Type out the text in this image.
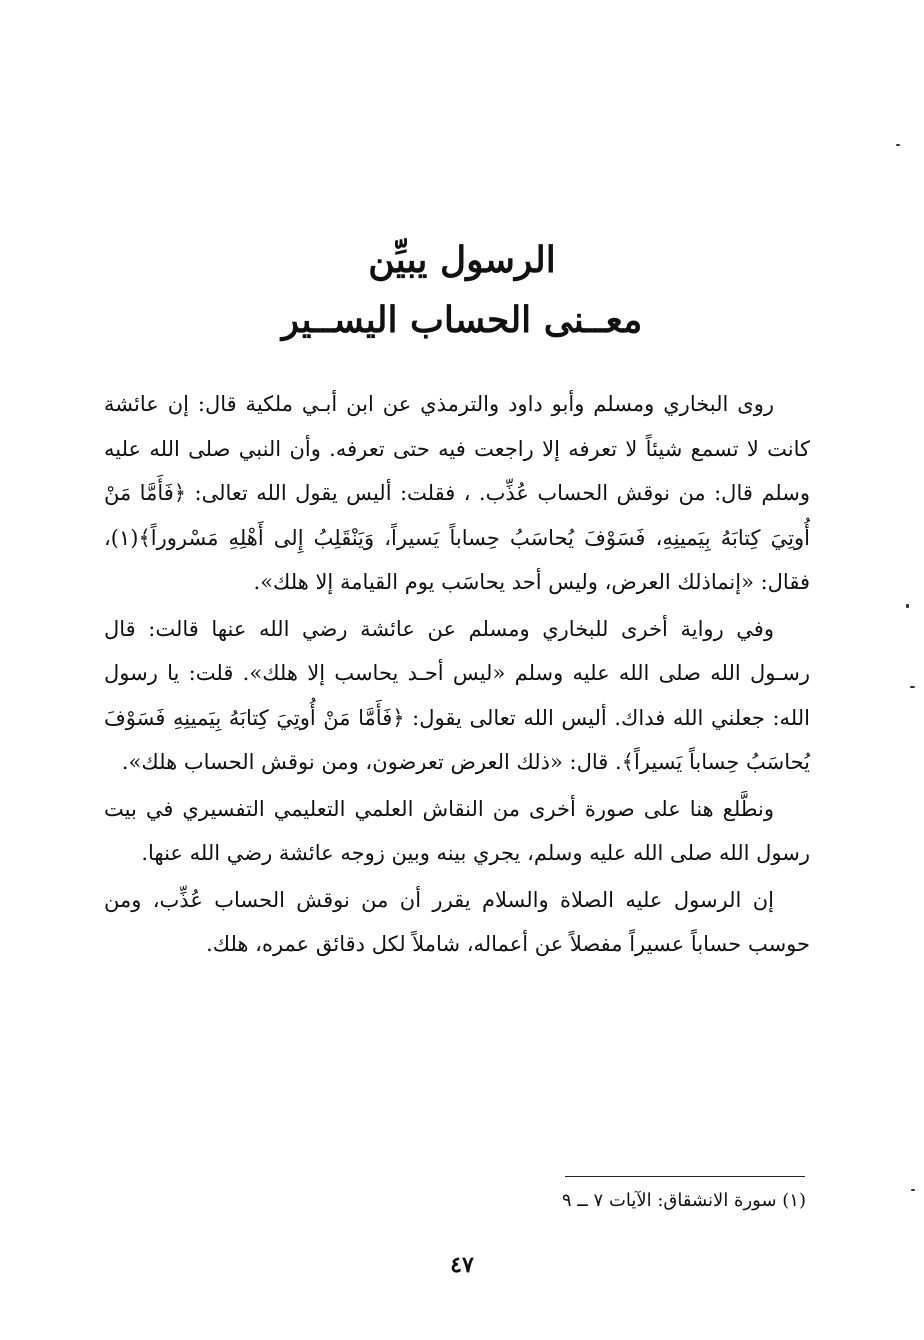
الرسول يبيِّن
معــنى الحساب اليســير

روى البخاري ومسلم وأبو داود والترمذي عن ابن أبـي ملكية قال: إن عائشة كانت لا تسمع شيئاً لا تعرفه إلا راجعت فيه حتى تعرفه. وأن النبي صلى الله عليه وسلم قال: من نوقش الحساب عُذِّب. ، فقلت: أليس يقول الله تعالى: ﴿فَأَمَّا مَنْ أُوتِيَ كِتابَهُ بِيَمينِهِ، فَسَوْفَ يُحاسَبُ حِساباً يَسيراً، وَيَنْقَلِبُ إِلى أَهْلِهِ مَسْروراً﴾(١)، فقال: «إنماذلك العرض، وليس أحد يحاسَب يوم القيامة إلا هلك».

وفي رواية أخرى للبخاري ومسلم عن عائشة رضي الله عنها قالت: قال رسـول الله صلى الله عليه وسلم «ليس أحـد يحاسب إلا هلك». قلت: يا رسول الله: جعلني الله فداك. أليس الله تعالى يقول: ﴿فَأَمَّا مَنْ أُوتِيَ كِتابَهُ بِيَمينِهِ فَسَوْفَ يُحاسَبُ حِساباً يَسيراً﴾. قال: «ذلك العرض تعرضون، ومن نوقش الحساب هلك».

ونطَّلع هنا على صورة أخرى من النقاش العلمي التعليمي التفسيري في بيت رسول الله صلى الله عليه وسلم، يجري بينه وبين زوجه عائشة رضي الله عنها.

إن الرسول عليه الصلاة والسلام يقرر أن من نوقش الحساب عُذِّب، ومن حوسب حساباً عسيراً مفصلاً عن أعماله، شاملاً لكل دقائق عمره، هلك.

(١) سورة الانشقاق: الآيات ٧ ــ ٩
٤٧
